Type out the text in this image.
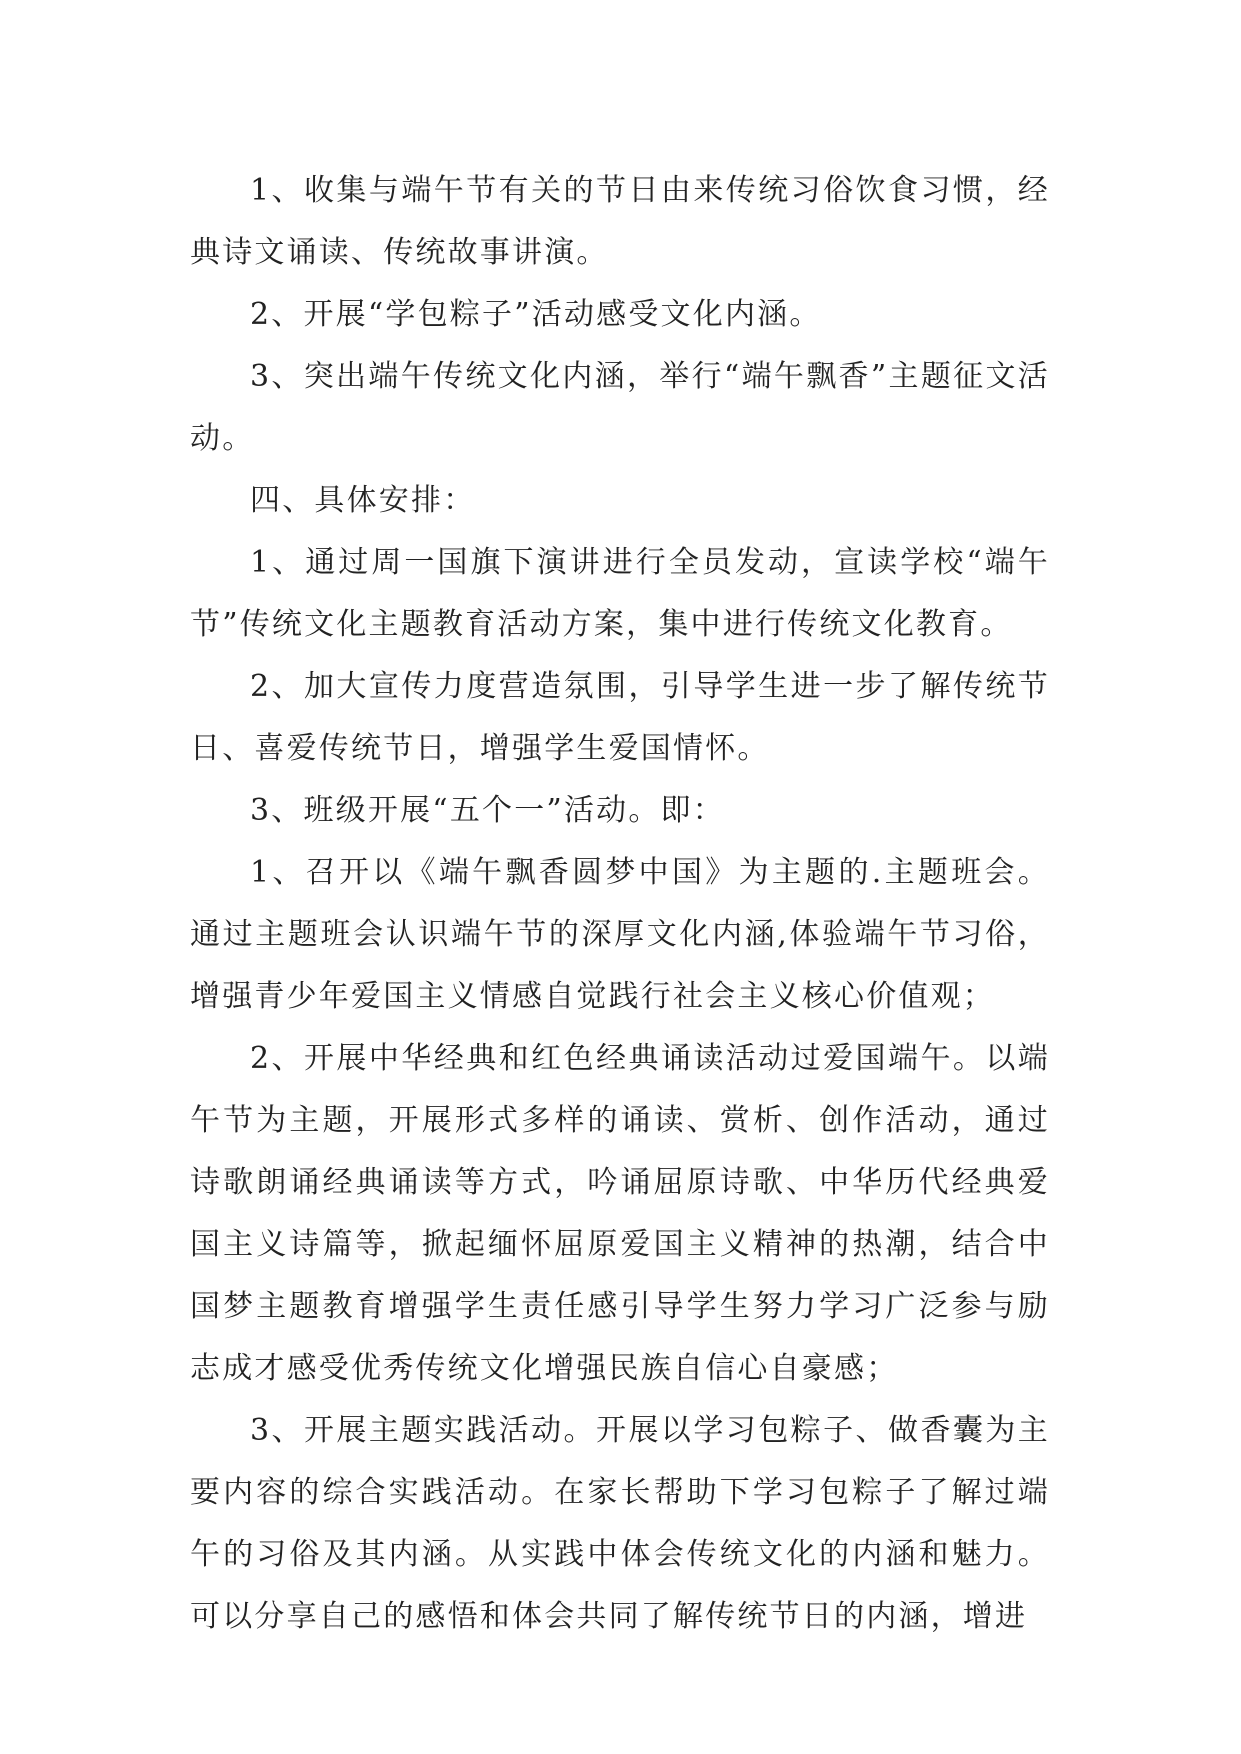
1、收集与端午节有关的节日由来传统习俗饮食习惯，经典诗文诵读、传统故事讲演。

2、开展“学包粽子”活动感受文化内涵。

3、突出端午传统文化内涵，举行“端午飘香”主题征文活动。

四、具体安排：

1、通过周一国旗下演讲进行全员发动，宣读学校“端午节”传统文化主题教育活动方案，集中进行传统文化教育。

2、加大宣传力度营造氛围，引导学生进一步了解传统节日、喜爱传统节日，增强学生爱国情怀。

3、班级开展“五个一”活动。即：

1、召开以《端午飘香圆梦中国》为主题的.主题班会。通过主题班会认识端午节的深厚文化内涵,体验端午节习俗，增强青少年爱国主义情感自觉践行社会主义核心价值观；

2、开展中华经典和红色经典诵读活动过爱国端午。以端午节为主题，开展形式多样的诵读、赏析、创作活动，通过诗歌朗诵经典诵读等方式，吟诵屈原诗歌、中华历代经典爱国主义诗篇等，掀起缅怀屈原爱国主义精神的热潮，结合中国梦主题教育增强学生责任感引导学生努力学习广泛参与励志成才感受优秀传统文化增强民族自信心自豪感；

3、开展主题实践活动。开展以学习包粽子、做香囊为主要内容的综合实践活动。在家长帮助下学习包粽子了解过端午的习俗及其内涵。从实践中体会传统文化的内涵和魅力。可以分享自己的感悟和体会共同了解传统节日的内涵，增进
